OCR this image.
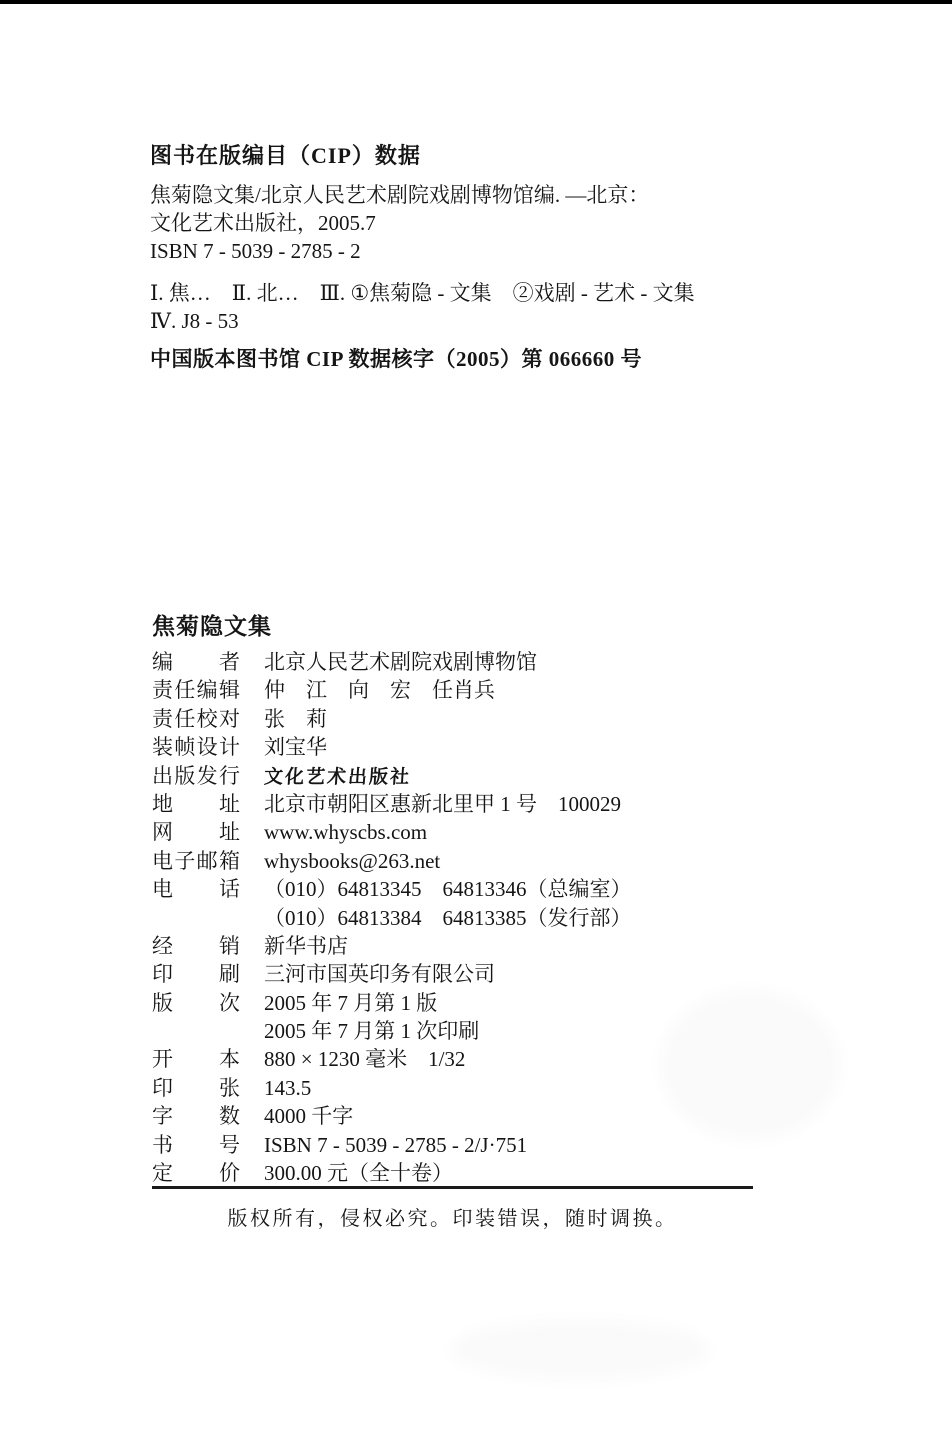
图书在版编目（CIP）数据
焦菊隐文集/北京人民艺术剧院戏剧博物馆编. —北京：
文化艺术出版社，2005.7
ISBN 7 - 5039 - 2785 - 2
Ⅰ. 焦…　Ⅱ. 北…　Ⅲ. ①焦菊隐 - 文集　②戏剧 - 艺术 - 文集
Ⅳ. J8 - 53
中国版本图书馆 CIP 数据核字（2005）第 066660 号
焦菊隐文集
编者 北京人民艺术剧院戏剧博物馆
责任编辑 仲　江　向　宏　任肖兵
责任校对 张　莉
装帧设计 刘宝华
出版发行 文化艺术出版社
地址 北京市朝阳区惠新北里甲 1 号　100029
网址 www.whyscbs.com
电子邮箱 whysbooks@263.net
电话 （010）64813345　64813346（总编室）
（010）64813384　64813385（发行部）
经销 新华书店
印刷 三河市国英印务有限公司
版次 2005 年 7 月第 1 版
2005 年 7 月第 1 次印刷
开本 880 × 1230 毫米　1/32
印张 143.5
字数 4000 千字
书号 ISBN 7 - 5039 - 2785 - 2/J·751
定价 300.00 元（全十卷）
版权所有，侵权必究。印装错误，随时调换。
